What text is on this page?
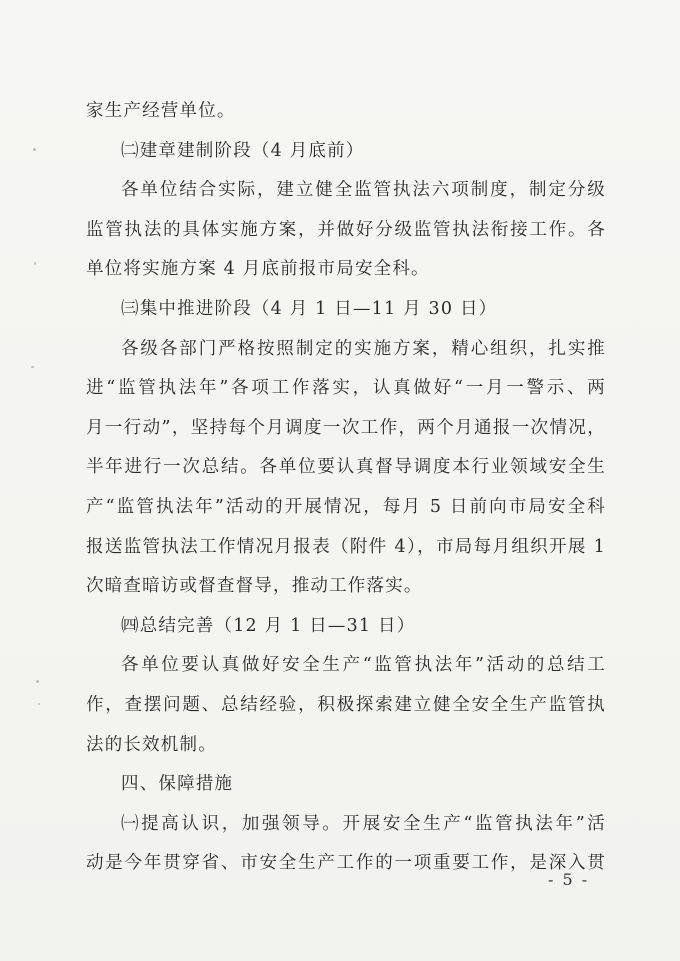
家生产经营单位。
㈡建章建制阶段（4 月底前）
各单位结合实际，建立健全监管执法六项制度，制定分级
监管执法的具体实施方案，并做好分级监管执法衔接工作。各
单位将实施方案 4 月底前报市局安全科。
㈢集中推进阶段（4 月 1 日—11 月 30 日）
各级各部门严格按照制定的实施方案，精心组织，扎实推
进“监管执法年”各项工作落实，认真做好“一月一警示、两
月一行动”，坚持每个月调度一次工作，两个月通报一次情况，
半年进行一次总结。各单位要认真督导调度本行业领域安全生
产“监管执法年”活动的开展情况，每月 5 日前向市局安全科
报送监管执法工作情况月报表（附件 4），市局每月组织开展 1
次暗查暗访或督查督导，推动工作落实。
㈣总结完善（12 月 1 日—31 日）
各单位要认真做好安全生产“监管执法年”活动的总结工
作，查摆问题、总结经验，积极探索建立健全安全生产监管执
法的长效机制。
四、保障措施
㈠提高认识，加强领导。开展安全生产“监管执法年”活
动是今年贯穿省、市安全生产工作的一项重要工作，是深入贯
- 5 -
